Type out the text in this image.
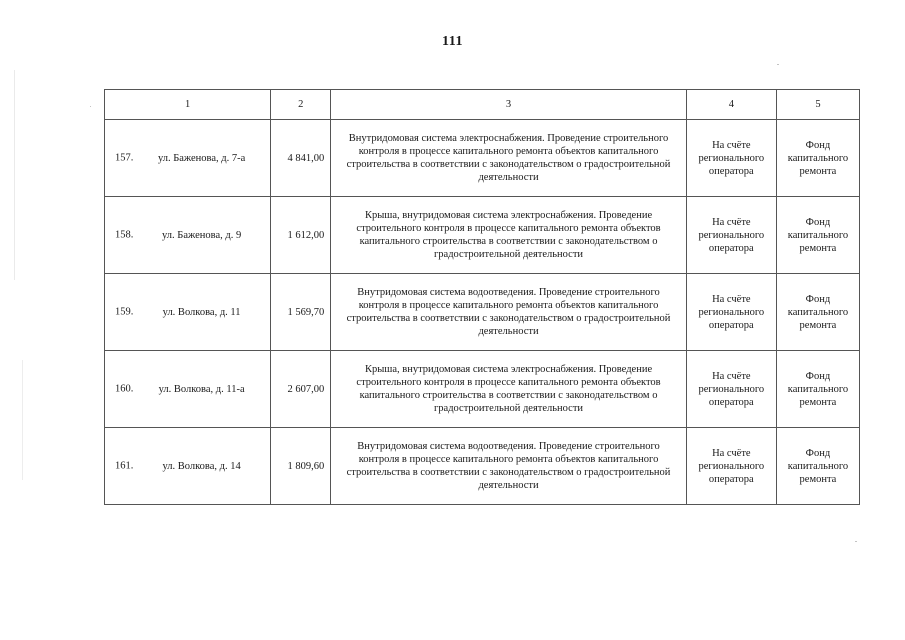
111
1	2	3	4	5

157. ул. Баженова, д. 7-а	4 841,00	Внутридомовая система электроснабжения. Проведение строительного контроля в процессе капитального ремонта объектов капитального строительства в соответствии с законодательством о градостроительной деятельности	На счёте регионального оператора	Фонд капитального ремонта

158. ул. Баженова, д. 9	1 612,00	Крыша, внутридомовая система электроснабжения. Проведение строительного контроля в процессе капитального ремонта объектов капитального строительства в соответствии с законодательством о градостроительной деятельности	На счёте регионального оператора	Фонд капитального ремонта

159. ул. Волкова, д. 11	1 569,70	Внутридомовая система водоотведения. Проведение строительного контроля в процессе капитального ремонта объектов капитального строительства в соответствии с законодательством о градостроительной деятельности	На счёте регионального оператора	Фонд капитального ремонта

160. ул. Волкова, д. 11-а	2 607,00	Крыша, внутридомовая система электроснабжения. Проведение строительного контроля в процессе капитального ремонта объектов капитального строительства в соответствии с законодательством о градостроительной деятельности	На счёте регионального оператора	Фонд капитального ремонта

161. ул. Волкова, д. 14	1 809,60	Внутридомовая система водоотведения. Проведение строительного контроля в процессе капитального ремонта объектов капитального строительства в соответствии с законодательством о градостроительной деятельности	На счёте регионального оператора	Фонд капитального ремонта
